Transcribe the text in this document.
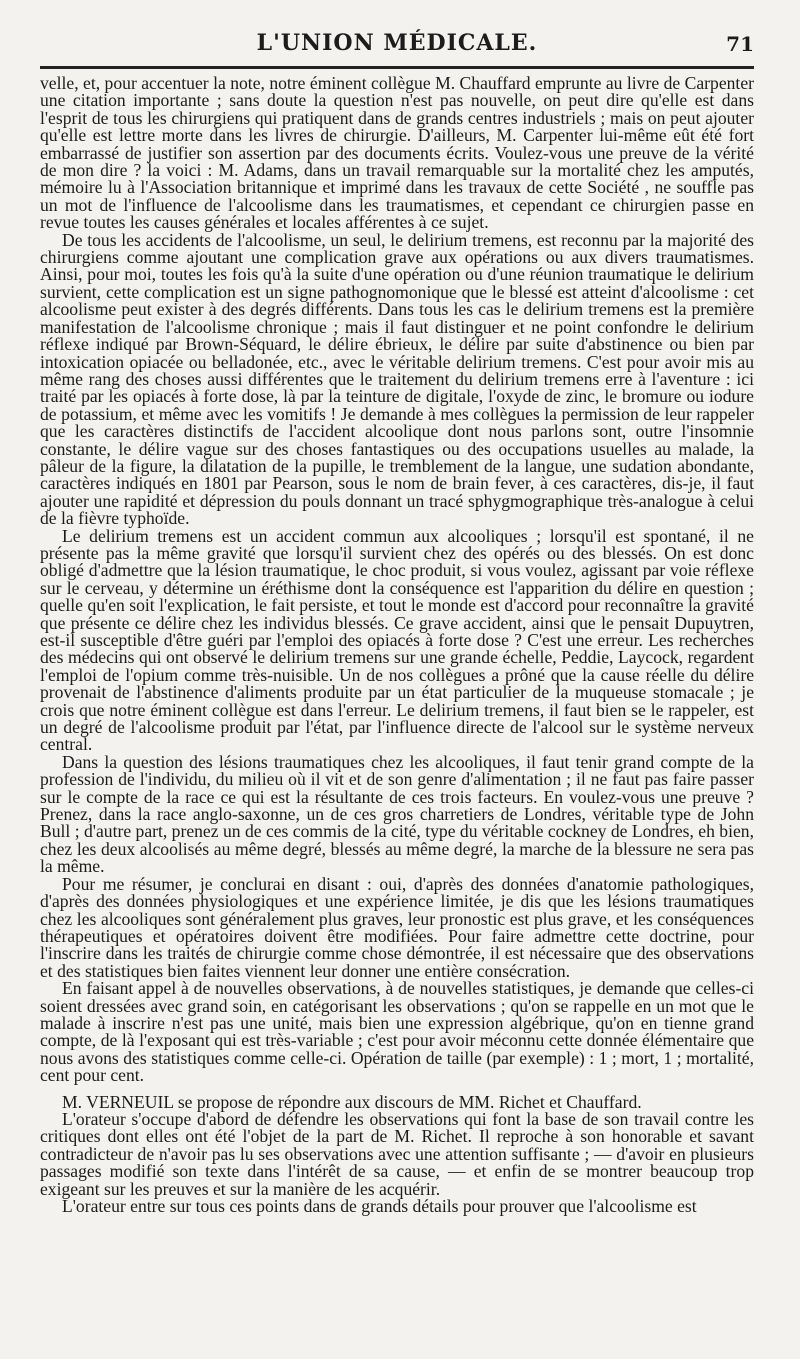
L'UNION MÉDICALE.	71

velle, et, pour accentuer la note, notre éminent collègue M. Chauffard emprunte au livre de Carpenter une citation importante ; sans doute la question n'est pas nouvelle, on peut dire qu'elle est dans l'esprit de tous les chirurgiens qui pratiquent dans de grands centres industriels ; mais on peut ajouter qu'elle est lettre morte dans les livres de chirurgie. D'ailleurs, M. Carpenter lui-même eût été fort embarrassé de justifier son assertion par des documents écrits. Voulez-vous une preuve de la vérité de mon dire ? la voici : M. Adams, dans un travail remarquable sur la mortalité chez les amputés, mémoire lu à l'Association britannique et imprimé dans les travaux de cette Société , ne souffle pas un mot de l'influence de l'alcoolisme dans les traumatismes, et cependant ce chirurgien passe en revue toutes les causes générales et locales afférentes à ce sujet.

De tous les accidents de l'alcoolisme, un seul, le delirium tremens, est reconnu par la majorité des chirurgiens comme ajoutant une complication grave aux opérations ou aux divers traumatismes. Ainsi, pour moi, toutes les fois qu'à la suite d'une opération ou d'une réunion traumatique le delirium survient, cette complication est un signe pathognomonique que le blessé est atteint d'alcoolisme : cet alcoolisme peut exister à des degrés différents. Dans tous les cas le delirium tremens est la première manifestation de l'alcoolisme chronique ; mais il faut distinguer et ne point confondre le delirium réflexe indiqué par Brown-Séquard, le délire ébrieux, le délire par suite d'abstinence ou bien par intoxication opiacée ou belladonée, etc., avec le véritable delirium tremens. C'est pour avoir mis au même rang des choses aussi différentes que le traitement du delirium tremens erre à l'aventure : ici traité par les opiacés à forte dose, là par la teinture de digitale, l'oxyde de zinc, le bromure ou iodure de potassium, et même avec les vomitifs ! Je demande à mes collègues la permission de leur rappeler que les caractères distinctifs de l'accident alcoolique dont nous parlons sont, outre l'insomnie constante, le délire vague sur des choses fantastiques ou des occupations usuelles au malade, la pâleur de la figure, la dilatation de la pupille, le tremblement de la langue, une sudation abondante, caractères indiqués en 1801 par Pearson, sous le nom de brain fever, à ces caractères, dis-je, il faut ajouter une rapidité et dépression du pouls donnant un tracé sphygmographique très-analogue à celui de la fièvre typhoïde.

Le delirium tremens est un accident commun aux alcooliques ; lorsqu'il est spontané, il ne présente pas la même gravité que lorsqu'il survient chez des opérés ou des blessés. On est donc obligé d'admettre que la lésion traumatique, le choc produit, si vous voulez, agissant par voie réflexe sur le cerveau, y détermine un éréthisme dont la conséquence est l'apparition du délire en question ; quelle qu'en soit l'explication, le fait persiste, et tout le monde est d'accord pour reconnaître la gravité que présente ce délire chez les individus blessés. Ce grave accident, ainsi que le pensait Dupuytren, est-il susceptible d'être guéri par l'emploi des opiacés à forte dose ? C'est une erreur. Les recherches des médecins qui ont observé le delirium tremens sur une grande échelle, Peddie, Laycock, regardent l'emploi de l'opium comme très-nuisible. Un de nos collègues a prôné que la cause réelle du délire provenait de l'abstinence d'aliments produite par un état particulier de la muqueuse stomacale ; je crois que notre éminent collègue est dans l'erreur. Le delirium tremens, il faut bien se le rappeler, est un degré de l'alcoolisme produit par l'état, par l'influence directe de l'alcool sur le système nerveux central.

Dans la question des lésions traumatiques chez les alcooliques, il faut tenir grand compte de la profession de l'individu, du milieu où il vit et de son genre d'alimentation ; il ne faut pas faire passer sur le compte de la race ce qui est la résultante de ces trois facteurs. En voulez-vous une preuve ? Prenez, dans la race anglo-saxonne, un de ces gros charretiers de Londres, véritable type de John Bull ; d'autre part, prenez un de ces commis de la cité, type du véritable cockney de Londres, eh bien, chez les deux alcoolisés au même degré, blessés au même degré, la marche de la blessure ne sera pas la même.

Pour me résumer, je conclurai en disant : oui, d'après des données d'anatomie pathologiques, d'après des données physiologiques et une expérience limitée, je dis que les lésions traumatiques chez les alcooliques sont généralement plus graves, leur pronostic est plus grave, et les conséquences thérapeutiques et opératoires doivent être modifiées. Pour faire admettre cette doctrine, pour l'inscrire dans les traités de chirurgie comme chose démontrée, il est nécessaire que des observations et des statistiques bien faites viennent leur donner une entière consécration.

En faisant appel à de nouvelles observations, à de nouvelles statistiques, je demande que celles-ci soient dressées avec grand soin, en catégorisant les observations ; qu'on se rappelle en un mot que le malade à inscrire n'est pas une unité, mais bien une expression algébrique, qu'on en tienne grand compte, de là l'exposant qui est très-variable ; c'est pour avoir méconnu cette donnée élémentaire que nous avons des statistiques comme celle-ci. Opération de taille (par exemple) : 1 ; mort, 1 ; mortalité, cent pour cent.

M. VERNEUIL se propose de répondre aux discours de MM. Richet et Chauffard.

L'orateur s'occupe d'abord de défendre les observations qui font la base de son travail contre les critiques dont elles ont été l'objet de la part de M. Richet. Il reproche à son honorable et savant contradicteur de n'avoir pas lu ses observations avec une attention suffisante ; — d'avoir en plusieurs passages modifié son texte dans l'intérêt de sa cause, — et enfin de se montrer beaucoup trop exigeant sur les preuves et sur la manière de les acquérir.

L'orateur entre sur tous ces points dans de grands détails pour prouver que l'alcoolisme est
